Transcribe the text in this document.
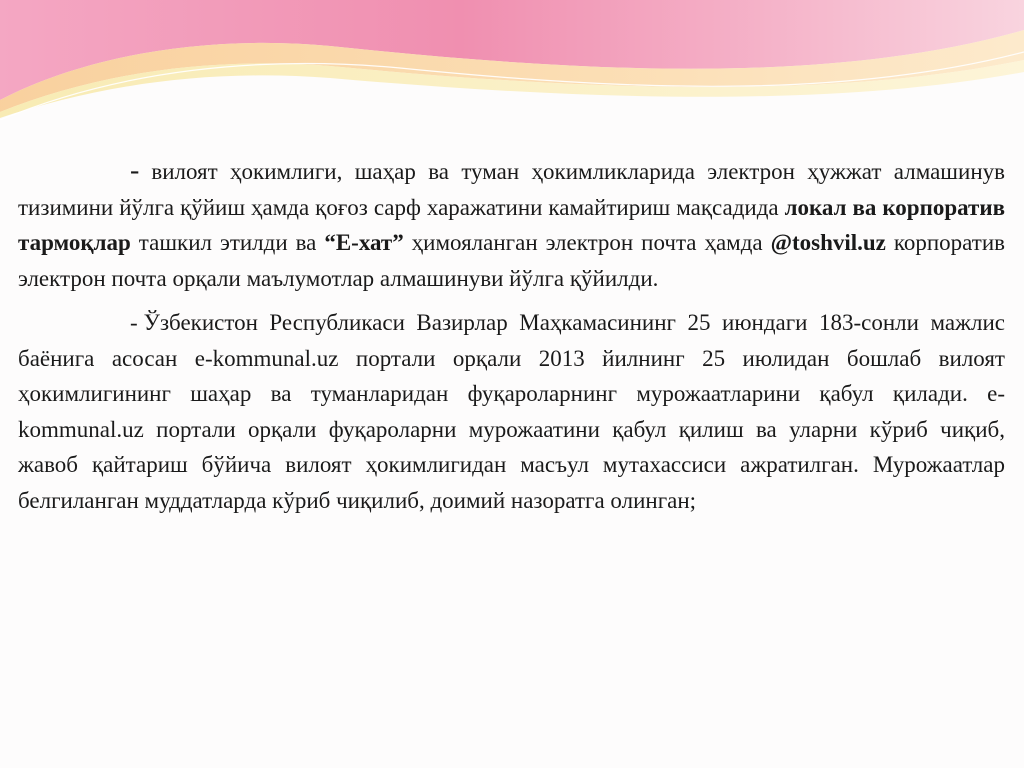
- вилоят ҳокимлиги, шаҳар ва туман ҳокимликларида электрон ҳужжат алмашинув тизимини йўлга қўйиш ҳамда қоғоз сарф харажатини камайтириш мақсадида локал ва корпоратив тармоқлар ташкил этилди ва “Е-хат” ҳимояланган электрон почта ҳамда @toshvil.uz корпоратив электрон почта орқали маълумотлар алмашинуви йўлга қўйилди.

- Ўзбекистон Республикаси Вазирлар Маҳкамасининг 25 июндаги 183-сонли мажлис баёнига асосан e-kommunal.uz портали орқали 2013 йилнинг 25 июлидан бошлаб вилоят ҳокимлигининг шаҳар ва туманларидан фуқароларнинг мурожаатларини қабул қилади. e-kommunal.uz портали орқали фуқароларни мурожаатини қабул қилиш ва уларни кўриб чиқиб, жавоб қайтариш бўйича вилоят ҳокимлигидан масъул мутахассиси ажратилган. Мурожаатлар белгиланган муддатларда кўриб чиқилиб, доимий назоратга олинган;
